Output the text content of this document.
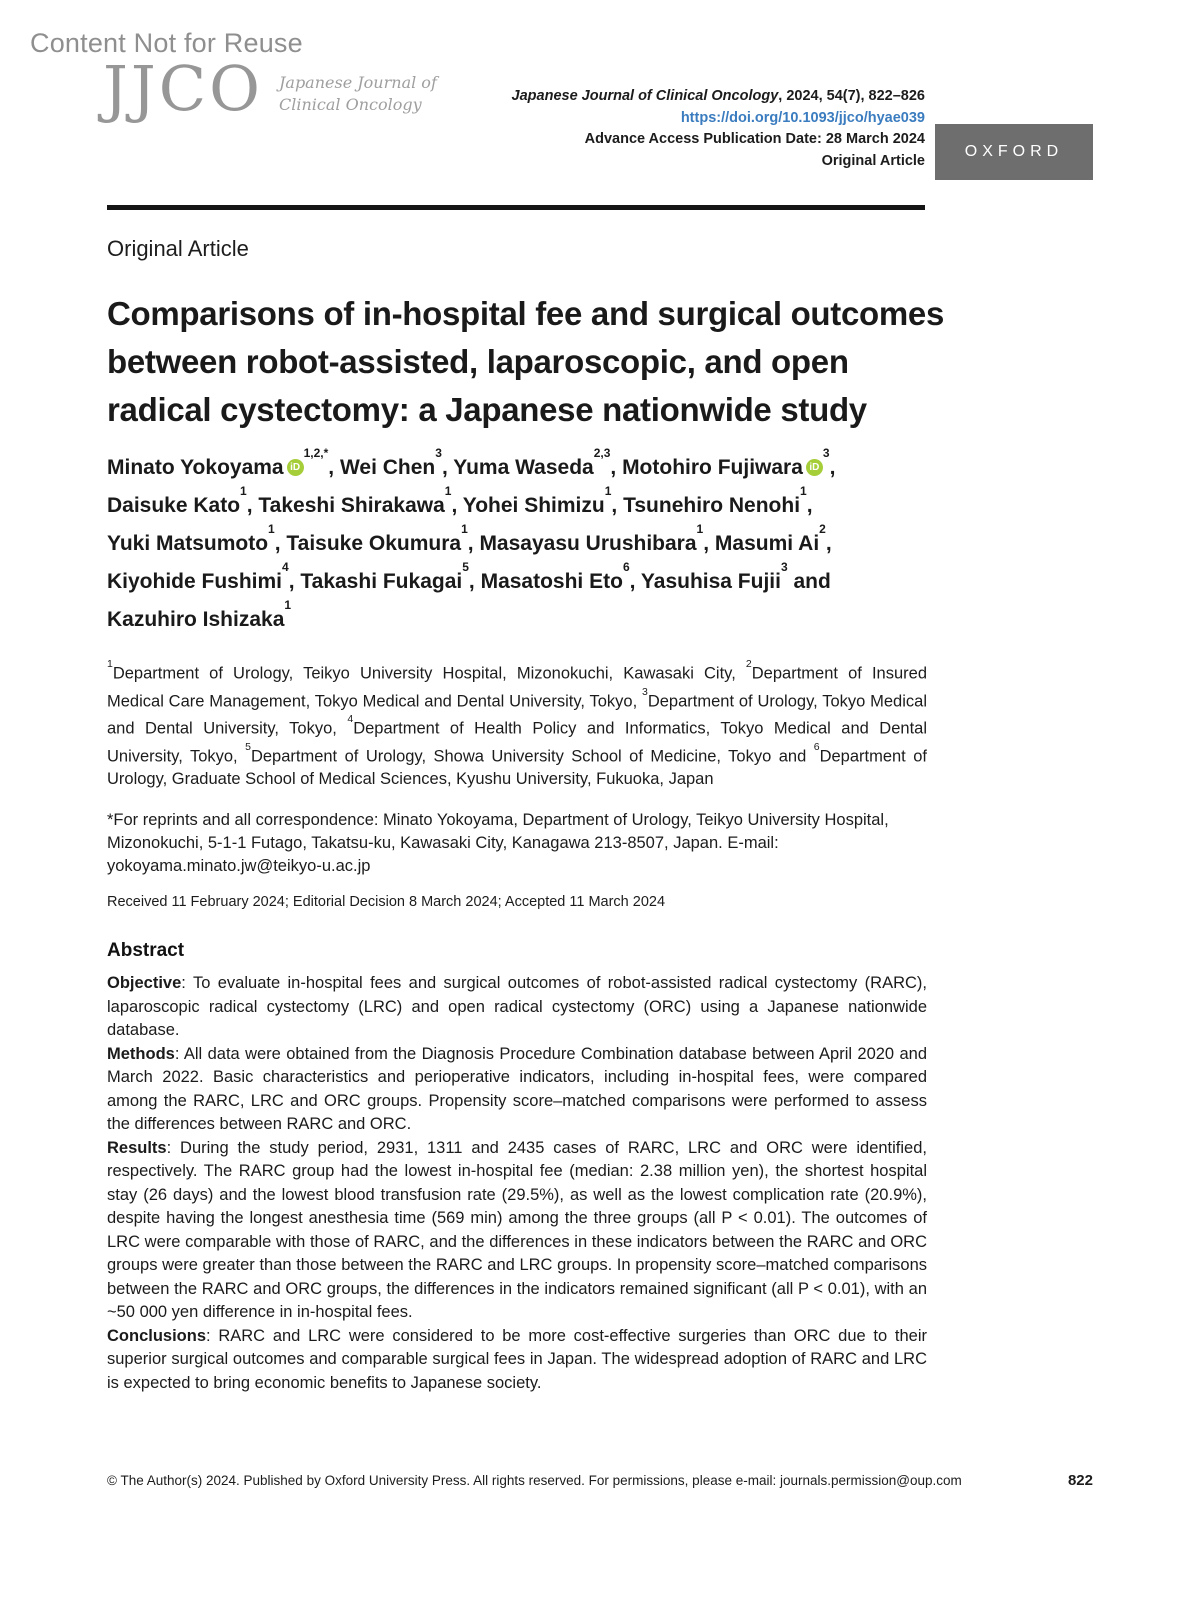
Content Not for Reuse
JJCO Japanese Journal of
Clinical Oncology	Japanese Journal of Clinical Oncology, 2024, 54(7), 822–826
https://doi.org/10.1093/jjco/hyae039
Advance Access Publication Date: 28 March 2024
Original Article
OXFORD
Original Article
Comparisons of in-hospital fee and surgical outcomes between robot-assisted, laparoscopic, and open radical cystectomy: a Japanese nationwide study
Minato Yokoyama $iD^{1,2,*}$, Wei Chen$^3$, Yuma Waseda$^{2,3}$, Motohiro Fujiwara $iD^3$, Daisuke Kato$^1$, Takeshi Shirakawa$^1$, Yohei Shimizu$^1$, Tsunehiro Nenohi$^1$, Yuki Matsumoto$^1$, Taisuke Okumura$^1$, Masayasu Urushibara$^1$, Masumi Ai$^2$, Kiyohide Fushimi$^4$, Takashi Fukagai$^5$, Masatoshi Eto$^6$, Yasuhisa Fujii$^3$ and Kazuhiro Ishizaka$^1$

$^1$Department of Urology, Teikyo University Hospital, Mizonokuchi, Kawasaki City, $^2$Department of Insured Medical Care Management, Tokyo Medical and Dental University, Tokyo, $^3$Department of Urology, Tokyo Medical and Dental University, Tokyo, $^4$Department of Health Policy and Informatics, Tokyo Medical and Dental University, Tokyo, $^5$Department of Urology, Showa University School of Medicine, Tokyo and $^6$Department of Urology, Graduate School of Medical Sciences, Kyushu University, Fukuoka, Japan

*For reprints and all correspondence: Minato Yokoyama, Department of Urology, Teikyo University Hospital, Mizonokuchi, 5-1-1 Futago, Takatsu-ku, Kawasaki City, Kanagawa 213-8507, Japan. E-mail: yokoyama.minato.jw@teikyo-u.ac.jp

Received 11 February 2024; Editorial Decision 8 March 2024; Accepted 11 March 2024

Abstract

Objective: To evaluate in-hospital fees and surgical outcomes of robot-assisted radical cystectomy (RARC), laparoscopic radical cystectomy (LRC) and open radical cystectomy (ORC) using a Japanese nationwide database.

Methods: All data were obtained from the Diagnosis Procedure Combination database between April 2020 and March 2022. Basic characteristics and perioperative indicators, including in-hospital fees, were compared among the RARC, LRC and ORC groups. Propensity score–matched comparisons were performed to assess the differences between RARC and ORC.

Results: During the study period, 2931, 1311 and 2435 cases of RARC, LRC and ORC were identified, respectively. The RARC group had the lowest in-hospital fee (median: 2.38 million yen), the shortest hospital stay (26 days) and the lowest blood transfusion rate (29.5%), as well as the lowest complication rate (20.9%), despite having the longest anesthesia time (569 min) among the three groups (all P < 0.01). The outcomes of LRC were comparable with those of RARC, and the differences in these indicators between the RARC and ORC groups were greater than those between the RARC and LRC groups. In propensity score–matched comparisons between the RARC and ORC groups, the differences in the indicators remained significant (all P < 0.01), with an ~50 000 yen difference in in-hospital fees.

Conclusions: RARC and LRC were considered to be more cost-effective surgeries than ORC due to their superior surgical outcomes and comparable surgical fees in Japan. The widespread adoption of RARC and LRC is expected to bring economic benefits to Japanese society.

© The Author(s) 2024. Published by Oxford University Press. All rights reserved. For permissions, please e-mail: journals.permission@oup.com	822
